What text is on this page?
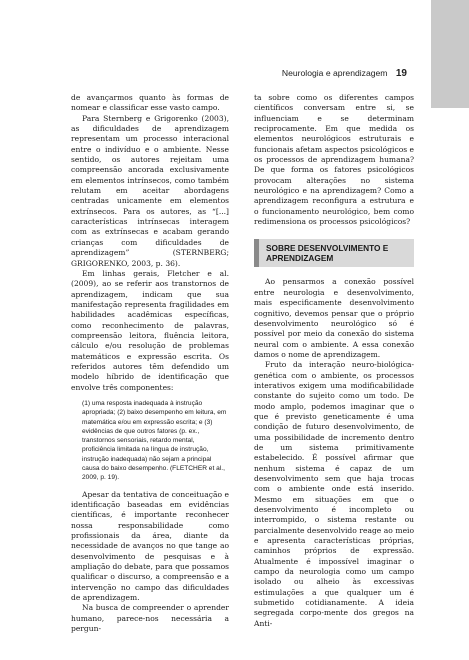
Neurologia e aprendizagem 19

de avançarmos quanto às formas de nomear e classificar esse vasto campo.

Para Sternberg e Grigorenko (2003), as dificuldades de aprendizagem representam um processo interacional entre o indivíduo e o ambiente. Nesse sentido, os autores rejeitam uma compreensão ancorada exclusivamente em elementos intrínsecos, como também relutam em aceitar abordagens centradas unicamente em elementos extrínsecos. Para os autores, as “[...] características intrínsecas interagem com as extrínsecas e acabam gerando crianças com dificuldades de aprendizagem” (STERNBERG; GRIGORENKO, 2003, p. 36).

Em linhas gerais, Fletcher e al. (2009), ao se referir aos transtornos de aprendizagem, indicam que sua manifestação representa fragilidades em habilidades acadêmicas específicas, como reconhecimento de palavras, compreensão leitora, fluência leitora, cálculo e/ou resolução de problemas matemáticos e expressão escrita. Os referidos autores têm defendido um modelo híbrido de identificação que envolve três componentes:

(1) uma resposta inadequada à instrução apropriada; (2) baixo desempenho em leitura, em matemática e/ou em expressão escrita; e (3) evidências de que outros fatores (p. ex., transtornos sensoriais, retardo mental, proficiência limitada na língua de instrução, instrução inadequada) não sejam a principal causa do baixo desempenho. (FLETCHER et al., 2009, p. 19).

Apesar da tentativa de conceituação e identificação baseadas em evidências científicas, é importante reconhecer nossa responsabilidade como profissionais da área, diante da necessidade de avanços no que tange ao desenvolvimento de pesquisas e à ampliação do debate, para que possamos qualificar o discurso, a compreensão e a intervenção no campo das dificuldades de aprendizagem.

Na busca de compreender o aprender humano, parece-nos necessária a pergun-

ta sobre como os diferentes campos científicos conversam entre si, se influenciam e se determinam reciprocamente. Em que medida os elementos neurológicos estruturais e funcionais afetam aspectos psicológicos e os processos de aprendizagem humana? De que forma os fatores psicológicos provocam alterações no sistema neurológico e na aprendizagem? Como a aprendizagem reconfigura a estrutura e o funcionamento neurológico, bem como redimensiona os processos psicológicos?

SOBRE DESENVOLVIMENTO E APRENDIZAGEM

Ao pensarmos a conexão possível entre neurologia e desenvolvimento, mais especificamente desenvolvimento cognitivo, devemos pensar que o próprio desenvolvimento neurológico só é possível por meio da conexão do sistema neural com o ambiente. A essa conexão damos o nome de aprendizagem.

Fruto da interação neuro-biológica-genética com o ambiente, os processos interativos exigem uma modificabilidade constante do sujeito como um todo. De modo amplo, podemos imaginar que o que é previsto geneticamente é uma condição de futuro desenvolvimento, de uma possibilidade de incremento dentro de um sistema primitivamente estabelecido. É possível afirmar que nenhum sistema é capaz de um desenvolvimento sem que haja trocas com o ambiente onde está inserido. Mesmo em situações em que o desenvolvimento é incompleto ou interrompido, o sistema restante ou parcialmente desenvolvido reage ao meio e apresenta características próprias, caminhos próprios de expressão. Atualmente é impossível imaginar o campo da neurologia como um campo isolado ou alheio às excessivas estimulações a que qualquer um é submetido cotidianamente. A ideia segregada corpo-mente dos gregos na Anti-
